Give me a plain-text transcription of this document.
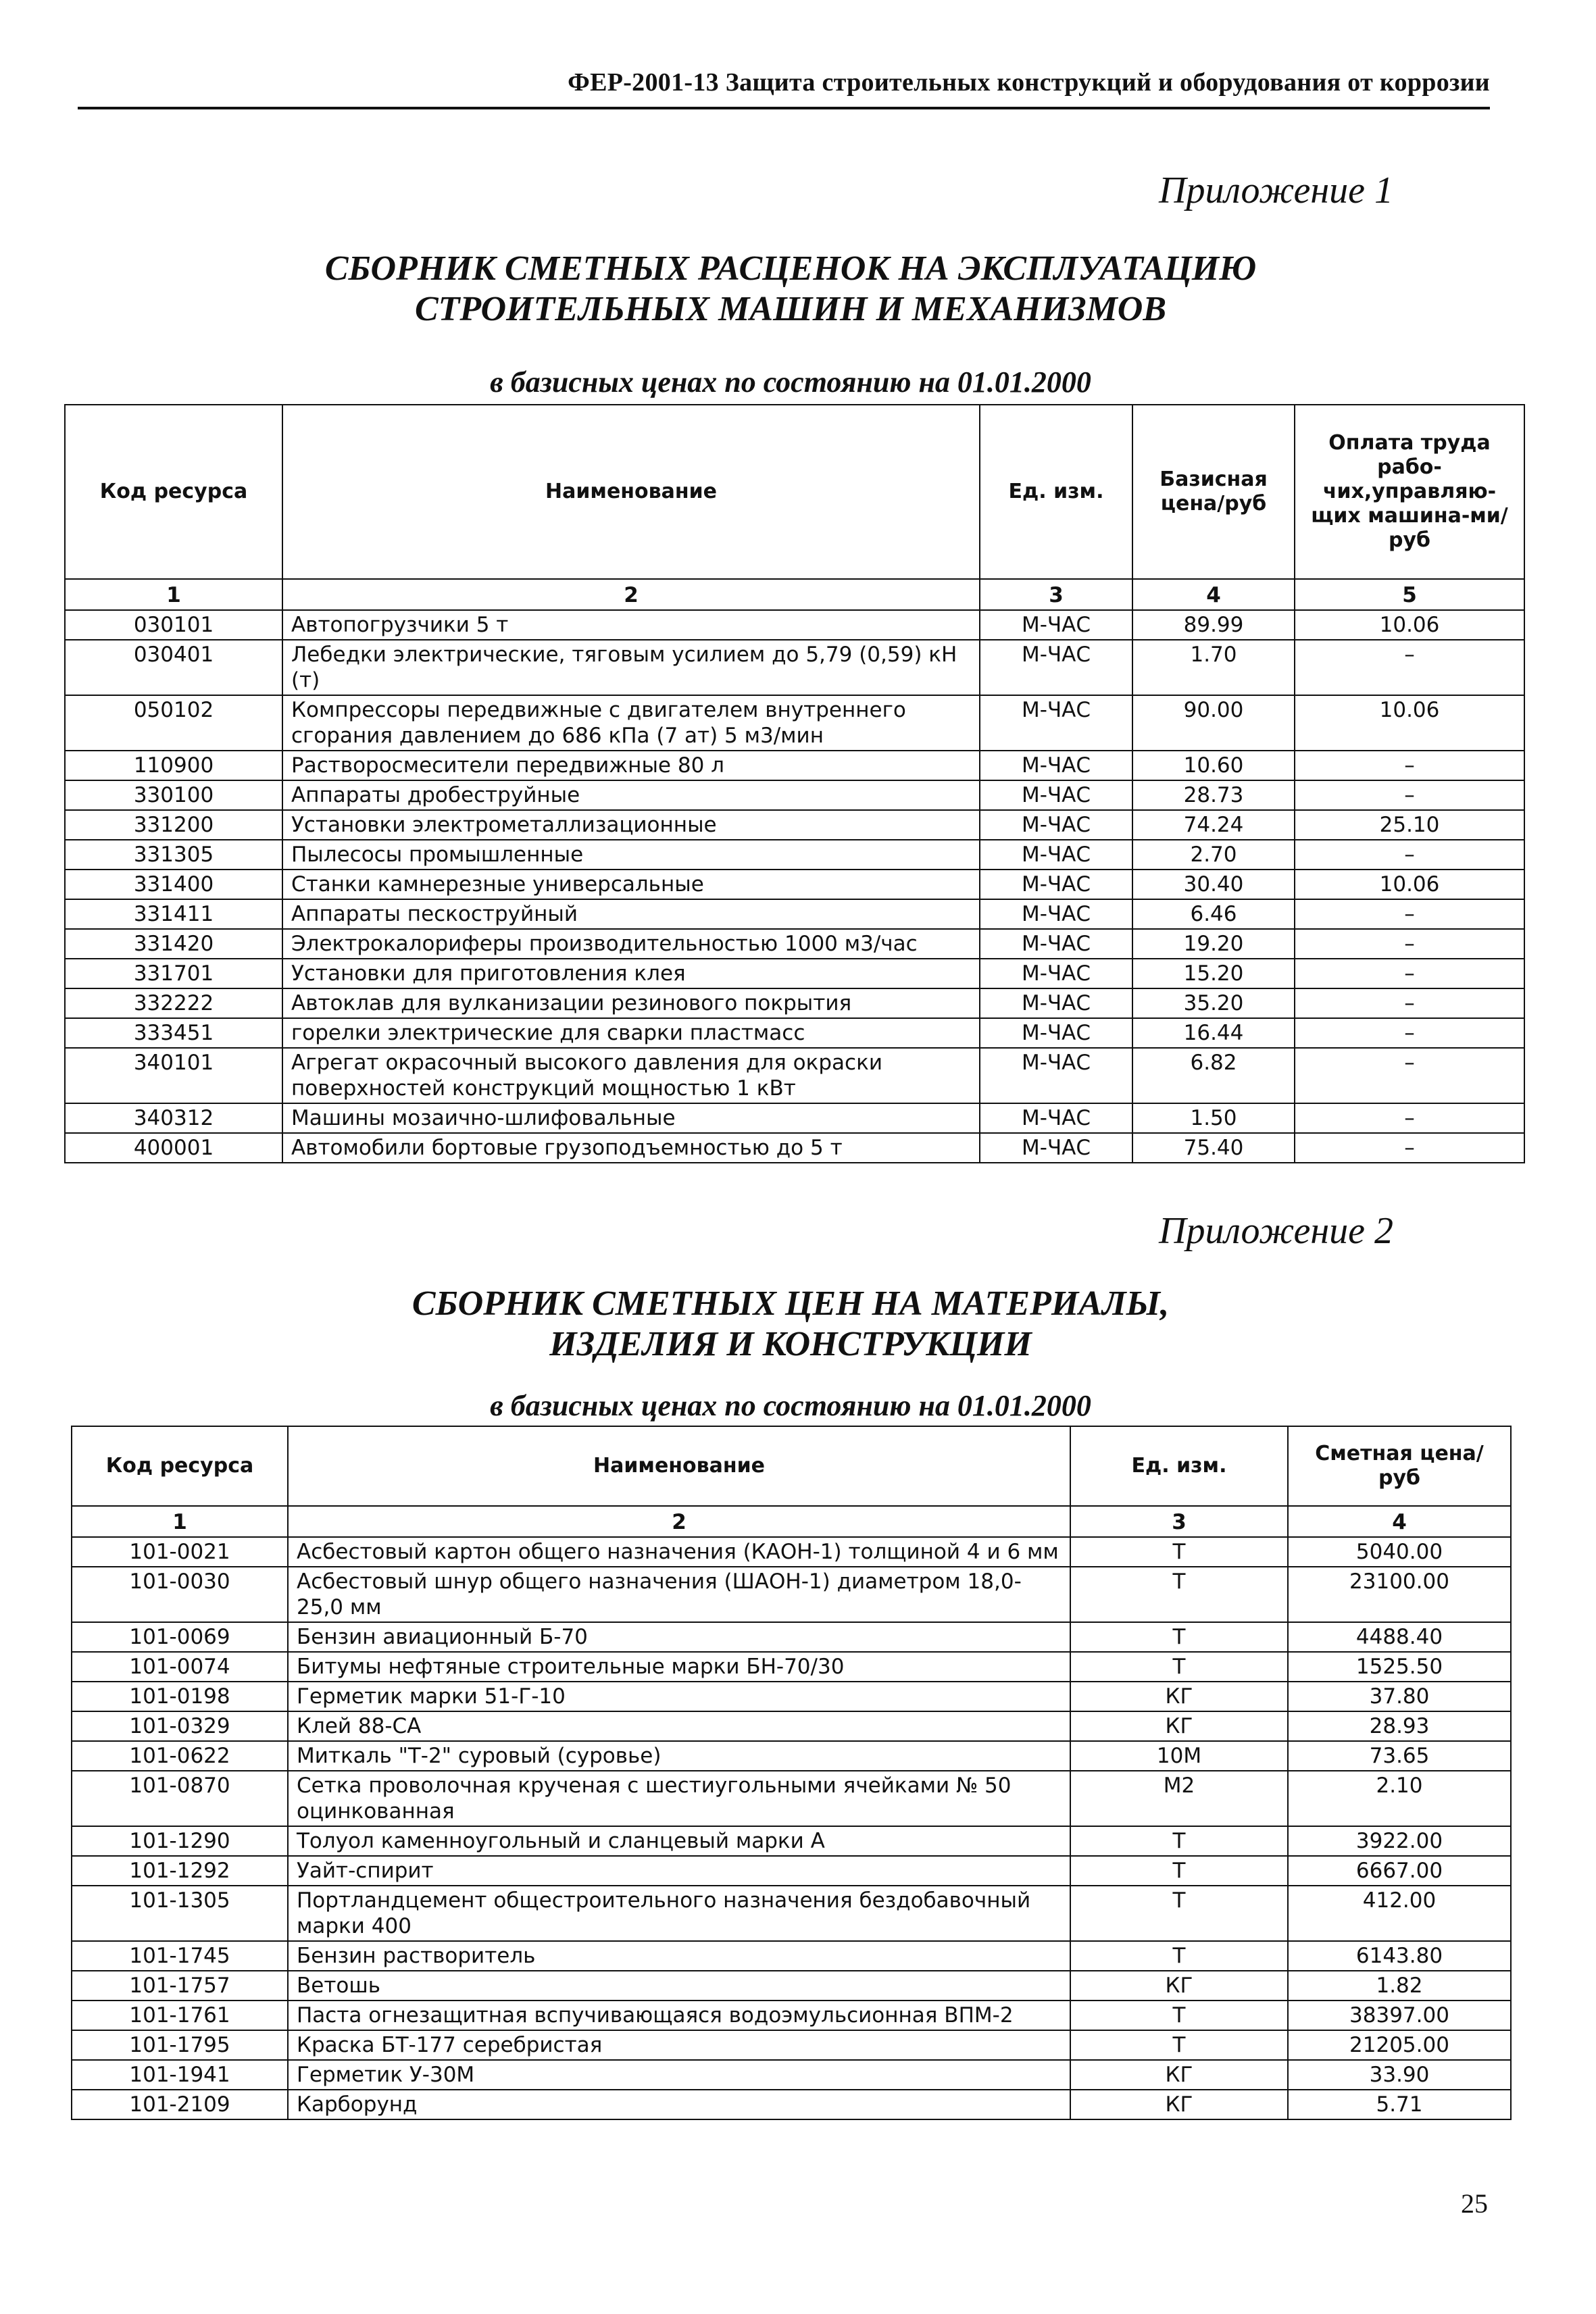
ФЕР-2001-13 Защита строительных конструкций и оборудования от коррозии
Приложение 1
СБОРНИК СМЕТНЫХ РАСЦЕНОК НА ЭКСПЛУАТАЦИЮ
СТРОИТЕЛЬНЫХ МАШИН И МЕХАНИЗМОВ
в базисных ценах по состоянию на 01.01.2000
Код ресурса	Наименование	Ед. изм.	Базисная цена/руб	Оплата труда рабо-чих,управляю-щих машина-ми/руб
1	2	3	4	5
030101	Автопогрузчики 5 т	М-ЧАС	89.99	10.06
030401	Лебедки электрические, тяговым усилием до 5,79 (0,59) кН (т)	М-ЧАС	1.70	–
050102	Компрессоры передвижные с двигателем внутреннего сгорания давлением до 686 кПа (7 ат) 5 м3/мин	М-ЧАС	90.00	10.06
110900	Растворосмесители передвижные 80 л	М-ЧАС	10.60	–
330100	Аппараты дробеструйные	М-ЧАС	28.73	–
331200	Установки электрометаллизационные	М-ЧАС	74.24	25.10
331305	Пылесосы промышленные	М-ЧАС	2.70	–
331400	Станки камнерезные универсальные	М-ЧАС	30.40	10.06
331411	Аппараты пескоструйный	М-ЧАС	6.46	–
331420	Электрокалориферы производительностью 1000 м3/час	М-ЧАС	19.20	–
331701	Установки для приготовления клея	М-ЧАС	15.20	–
332222	Автоклав для вулканизации резинового покрытия	М-ЧАС	35.20	–
333451	горелки электрические для сварки пластмасс	М-ЧАС	16.44	–
340101	Агрегат окрасочный высокого давления для окраски поверхностей конструкций мощностью 1 кВт	М-ЧАС	6.82	–
340312	Машины мозаично-шлифовальные	М-ЧАС	1.50	–
400001	Автомобили бортовые грузоподъемностью до 5 т	М-ЧАС	75.40	–
Приложение 2
СБОРНИК СМЕТНЫХ ЦЕН НА МАТЕРИАЛЫ,
ИЗДЕЛИЯ И КОНСТРУКЦИИ
в базисных ценах по состоянию на 01.01.2000
Код ресурса	Наименование	Ед. изм.	Сметная цена/руб
1	2	3	4
101-0021	Асбестовый картон общего назначения (КАОН-1) толщиной 4 и 6 мм	Т	5040.00
101-0030	Асбестовый шнур общего назначения (ШАОН-1) диаметром 18,0-25,0 мм	Т	23100.00
101-0069	Бензин авиационный Б-70	Т	4488.40
101-0074	Битумы нефтяные строительные марки БН-70/30	Т	1525.50
101-0198	Герметик марки 51-Г-10	КГ	37.80
101-0329	Клей 88-СА	КГ	28.93
101-0622	Миткаль "Т-2" суровый (суровье)	10М	73.65
101-0870	Сетка проволочная крученая с шестиугольными ячейками № 50 оцинкованная	М2	2.10
101-1290	Толуол каменноугольный и сланцевый марки А	Т	3922.00
101-1292	Уайт-спирит	Т	6667.00
101-1305	Портландцемент общестроительного назначения бездобавочный марки 400	Т	412.00
101-1745	Бензин растворитель	Т	6143.80
101-1757	Ветошь	КГ	1.82
101-1761	Паста огнезащитная вспучивающаяся водоэмульсионная ВПМ-2	Т	38397.00
101-1795	Краска БТ-177 серебристая	Т	21205.00
101-1941	Герметик У-30М	КГ	33.90
101-2109	Карборунд	КГ	5.71
25
